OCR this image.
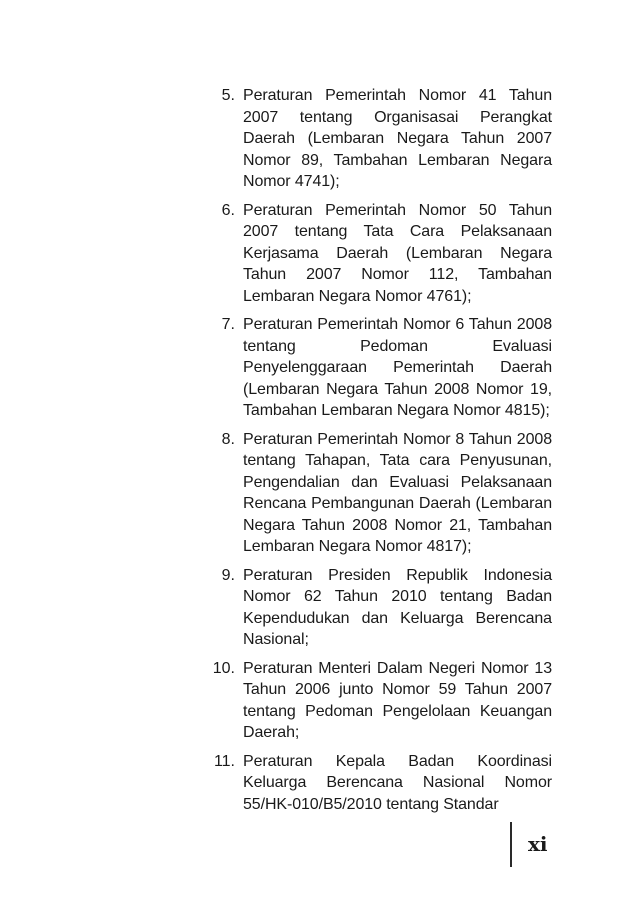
5. Peraturan Pemerintah Nomor 41 Tahun 2007 tentang Organisasai Perangkat Daerah (Lembaran Negara Tahun 2007 Nomor 89, Tambahan Lembaran Negara Nomor 4741);
6. Peraturan Pemerintah Nomor 50 Tahun 2007 tentang Tata Cara Pelaksanaan Kerjasama Daerah (Lembaran Negara Tahun 2007 Nomor 112, Tambahan Lembaran Negara Nomor 4761);
7. Peraturan Pemerintah Nomor 6 Tahun 2008 tentang Pedoman Evaluasi Penyelenggaraan Pemerintah Daerah (Lembaran Negara Tahun 2008 Nomor 19, Tambahan Lembaran Negara Nomor 4815);
8. Peraturan Pemerintah Nomor 8 Tahun 2008 tentang Tahapan, Tata cara Penyusunan, Pengendalian dan Evaluasi Pelaksanaan Rencana Pembangunan Daerah (Lembaran Negara Tahun 2008 Nomor 21, Tambahan Lembaran Negara Nomor 4817);
9. Peraturan Presiden Republik Indonesia Nomor 62 Tahun 2010 tentang Badan Kependudukan dan Keluarga Berencana Nasional;
10. Peraturan Menteri Dalam Negeri Nomor 13 Tahun 2006 junto Nomor 59 Tahun 2007 tentang Pedoman Pengelolaan Keuangan Daerah;
11. Peraturan Kepala Badan Koordinasi Keluarga Berencana Nasional Nomor 55/HK-010/B5/2010 tentang Standar
xi
